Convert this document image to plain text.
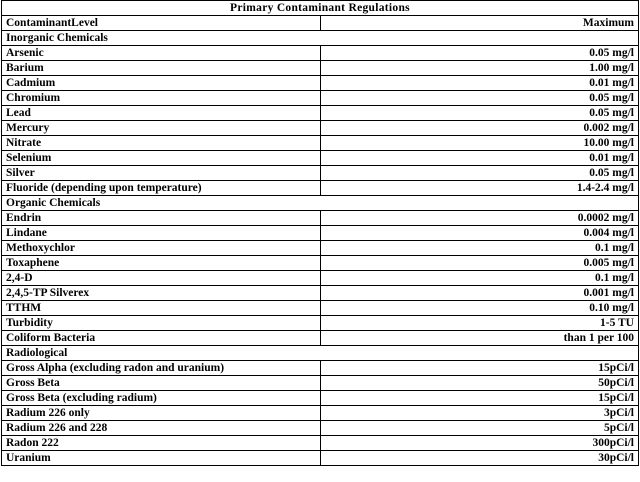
Primary Contaminant Regulations	
ContaminantLevel	Maximum
Inorganic Chemicals	
Arsenic	0.05 mg/l
Barium	1.00 mg/l
Cadmium	0.01 mg/l
Chromium	0.05 mg/l
Lead	0.05 mg/l
Mercury	0.002 mg/l
Nitrate	10.00 mg/l
Selenium	0.01 mg/l
Silver	0.05 mg/l
Fluoride (depending upon temperature)	1.4-2.4 mg/l
Organic Chemicals	
Endrin	0.0002 mg/l
Lindane	0.004 mg/l
Methoxychlor	0.1 mg/l
Toxaphene	0.005 mg/l
2,4-D	0.1 mg/l
2,4,5-TP Silverex	0.001 mg/l
TTHM	0.10 mg/l
Turbidity	1-5 TU
Coliform Bacteria	than 1 per 100
Radiological	
Gross Alpha (excluding radon and uranium)	15pCi/l
Gross Beta	50pCi/l
Gross Beta (excluding radium)	15pCi/l
Radium 226 only	3pCi/l
Radium 226 and 228	5pCi/l
Radon 222	300pCi/l
Uranium	30pCi/l
